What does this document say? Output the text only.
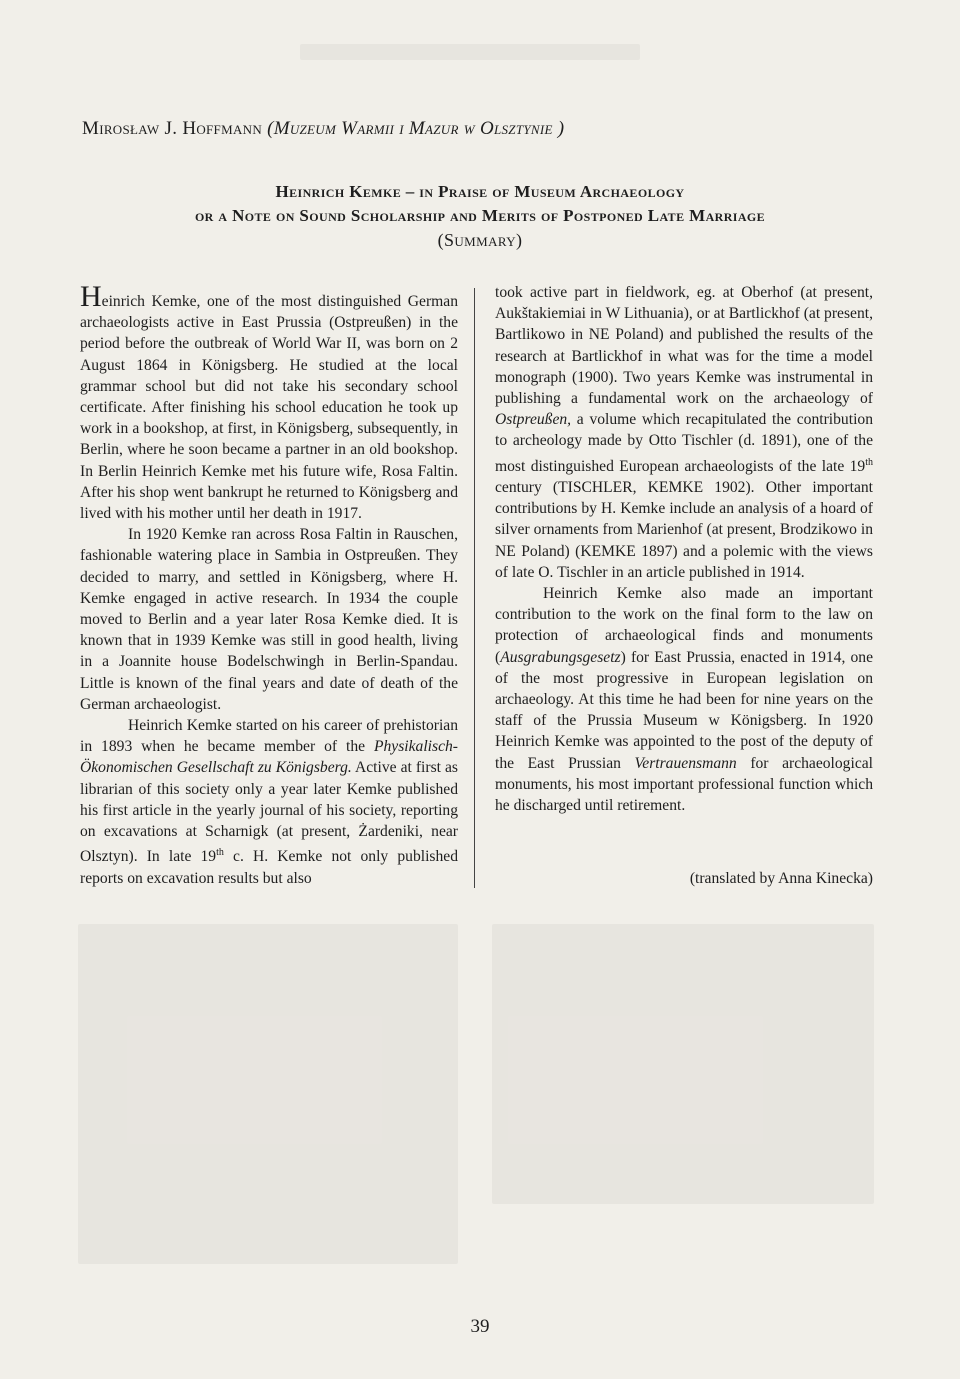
Mirosław J. Hoffmann (Muzeum Warmii i Mazur w Olsztynie )
Heinrich Kemke – in Praise of Museum Archaeology
or a Note on Sound Scholarship and Merits of Postponed Late Marriage
(Summary)

Heinrich Kemke, one of the most distinguished German archaeologists active in East Prussia (Ostpreußen) in the period before the outbreak of World War II, was born on 2 August 1864 in Königsberg. He studied at the local grammar school but did not take his secondary school certificate. After finishing his school education he took up work in a bookshop, at first, in Königsberg, subsequently, in Berlin, where he soon became a partner in an old bookshop. In Berlin Heinrich Kemke met his future wife, Rosa Faltin. After his shop went bankrupt he returned to Königsberg and lived with his mother until her death in 1917.

In 1920 Kemke ran across Rosa Faltin in Rauschen, fashionable watering place in Sambia in Ostpreußen. They decided to marry, and settled in Königsberg, where H. Kemke engaged in active research. In 1934 the couple moved to Berlin and a year later Rosa Kemke died. It is known that in 1939 Kemke was still in good health, living in a Joannite house Bodelschwingh in Berlin-Spandau. Little is known of the final years and date of death of the German archaeologist.

Heinrich Kemke started on his career of prehistorian in 1893 when he became member of the Physikalisch-Ökonomischen Gesellschaft zu Königsberg. Active at first as librarian of this society only a year later Kemke published his first article in the yearly journal of his society, reporting on excavations at Scharnigk (at present, Żardeniki, near Olsztyn). In late 19th c. H. Kemke not only published reports on excavation results but also

took active part in fieldwork, eg. at Oberhof (at present, Aukštakiemiai in W Lithuania), or at Bartlickhof (at present, Bartlikowo in NE Poland) and published the results of the research at Bartlickhof in what was for the time a model monograph (1900). Two years Kemke was instrumental in publishing a fundamental work on the archaeology of Ostpreußen, a volume which recapitulated the contribution to archeology made by Otto Tischler (d. 1891), one of the most distinguished European archaeologists of the late 19th century (TISCHLER, KEMKE 1902). Other important contributions by H. Kemke include an analysis of a hoard of silver ornaments from Marienhof (at present, Brodzikowo in NE Poland) (KEMKE 1897) and a polemic with the views of late O. Tischler in an article published in 1914.

Heinrich Kemke also made an important contribution to the work on the final form to the law on protection of archaeological finds and monuments (Ausgrabungsgesetz) for East Prussia, enacted in 1914, one of the most progressive in European legislation on archaeology. At this time he had been for nine years on the staff of the Prussia Museum w Königsberg. In 1920 Heinrich Kemke was appointed to the post of the deputy of the East Prussian Vertrauensmann for archaeological monuments, his most important professional function which he discharged until retirement.

(translated by Anna Kinecka)
39
